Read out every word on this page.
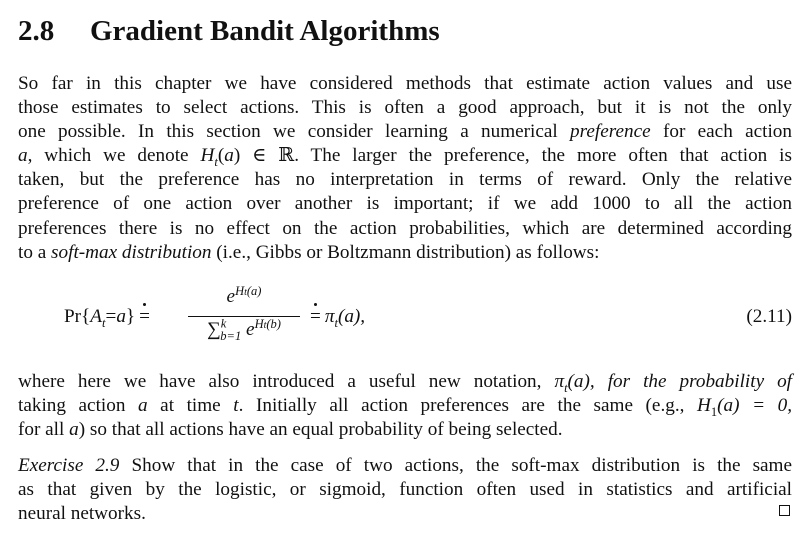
2.8 Gradient Bandit Algorithms
So far in this chapter we have considered methods that estimate action values and use
those estimates to select actions. This is often a good approach, but it is not the only
one possible. In this section we consider learning a numerical preference for each action
a, which we denote $H_t(a)$ ∈ ℝ. The larger the preference, the more often that action is
taken, but the preference has no interpretation in terms of reward. Only the relative
preference of one action over another is important; if we add 1000 to all the action
preferences there is no effect on the action probabilities, which are determined according
to a soft-max distribution (i.e., Gibbs or Boltzmann distribution) as follows:
$Pr\{A_t=a\}$ =
$e^{Ht(a)}$
∑$^k_{b=1}$ $e^{Ht(b)}$	= $\pi_t(a)$,	(2.11)
where here we have also introduced a useful new notation, $\pi_t(a)$, for the probability of
taking action a at time t. Initially all action preferences are the same (e.g., $H_1(a) = 0$,
for all a) so that all actions have an equal probability of being selected.
Exercise 2.9 Show that in the case of two actions, the soft-max distribution is the same
as that given by the logistic, or sigmoid, function often used in statistics and artificial
neural networks.
